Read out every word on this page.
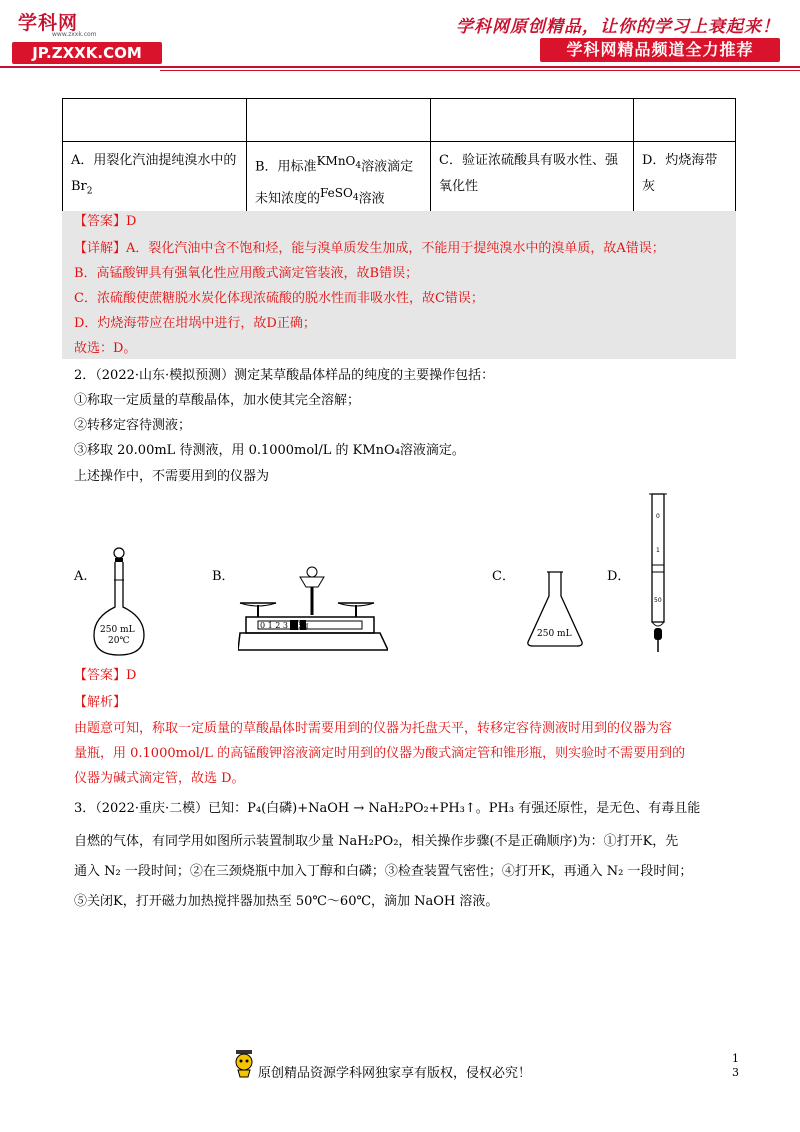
学科网
www.zxxk.com
JP.ZXXK.COM
学科网原创精品，让你的学习上衰起来！
学科网精品频道全力推荐

A．用裂化汽油提纯溴水中的$Br_2$	B．用标准$^{KMnO_4}$溶液滴定未知浓度的$^{FeSO_4}$溶液	C．验证浓硫酸具有吸水性、强氧化性	D．灼烧海带灰
【答案】D
【详解】A．裂化汽油中含不饱和烃，能与溴单质发生加成，不能用于提纯溴水中的溴单质，故A错误；
B．高锰酸钾具有强氧化性应用酸式滴定管装液，故B错误；
C．浓硫酸使蔗糖脱水炭化体现浓硫酸的脱水性而非吸水性，故C错误；
D．灼烧海带应在坩埚中进行，故D正确；
故选：D。
2．（2022·山东·模拟预测）测定某草酸晶体样品的纯度的主要操作包括：
①称取一定质量的草酸晶体，加水使其完全溶解；
②转移定容待测液；
③移取 20.00mL 待测液，用 0.1000mol/L 的 KMnO₄溶液滴定。
上述操作中，不需要用到的仪器为
A.	B．	C．	D．
250 mL
20℃
0 1 2 3 4 5g
250 mL
0
1
50
【答案】D
【解析】
由题意可知，称取一定质量的草酸晶体时需要用到的仪器为托盘天平，转移定容待测液时用到的仪器为容
量瓶，用 0.1000mol/L 的高锰酸钾溶液滴定时用到的仪器为酸式滴定管和锥形瓶，则实验时不需要用到的
仪器为碱式滴定管，故选 D。
3．（2022·重庆·二模）已知：P₄(白磷)+NaOH → NaH₂PO₂+PH₃↑。PH₃ 有强还原性，是无色、有毒且能
自燃的气体，有同学用如图所示装置制取少量 NaH₂PO₂，相关操作步骤(不是正确顺序)为：①打开K，先
通入 N₂ 一段时间；②在三颈烧瓶中加入丁醇和白磷；③检查装置气密性；④打开K，再通入 N₂ 一段时间；
⑤关闭K，打开磁力加热搅拌器加热至 50℃～60℃，滴加 NaOH 溶液。
原创精品资源学科网独家享有版权，侵权必究！
1
3
